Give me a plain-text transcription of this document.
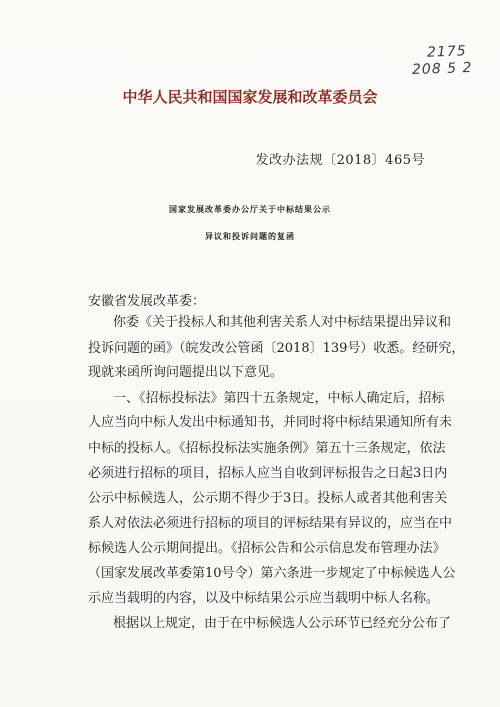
2175
208 5 2
中华人民共和国国家发展和改革委员会
发改办法规〔2018〕465号
国家发展改革委办公厅关于中标结果公示
异议和投诉问题的复函
安徽省发展改革委：
你委《关于投标人和其他利害关系人对中标结果提出异议和
投诉问题的函》（皖发改公管函〔2018〕139号）收悉。经研究，
现就来函所询问题提出以下意见。
一、《招标投标法》第四十五条规定，中标人确定后，招标
人应当向中标人发出中标通知书，并同时将中标结果通知所有未
中标的投标人。《招标投标法实施条例》第五十三条规定，依法
必须进行招标的项目，招标人应当自收到评标报告之日起3日内
公示中标候选人，公示期不得少于3日。投标人或者其他利害关
系人对依法必须进行招标的项目的评标结果有异议的，应当在中
标候选人公示期间提出。《招标公告和公示信息发布管理办法》
（国家发展改革委第10号令）第六条进一步规定了中标候选人公
示应当载明的内容，以及中标结果公示应当载明中标人名称。
根据以上规定，由于在中标候选人公示环节已经充分公布了
